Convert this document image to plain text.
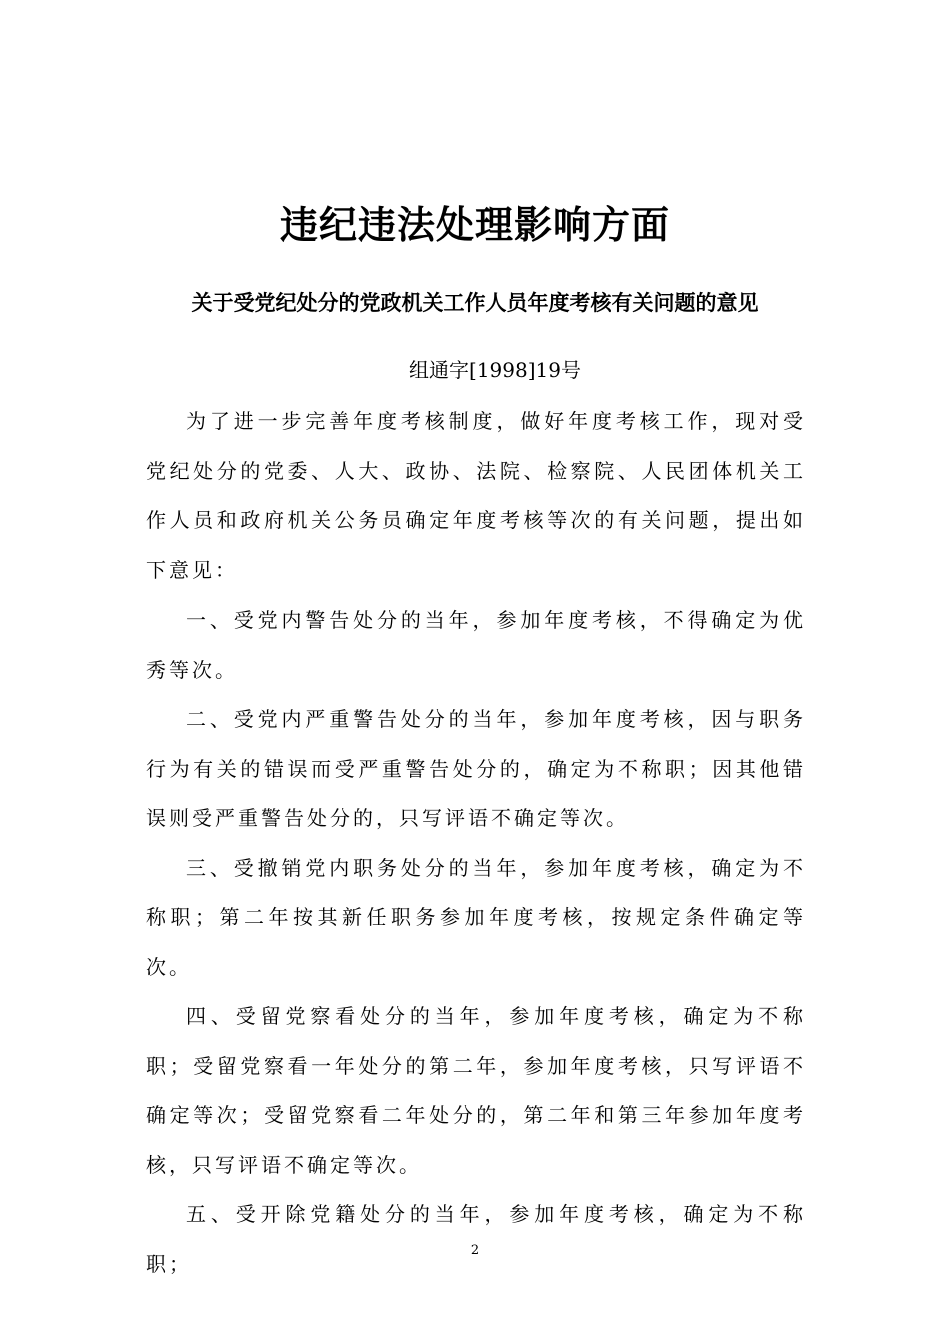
违纪违法处理影响方面
关于受党纪处分的党政机关工作人员年度考核有关问题的意见
组通字[1998]19号

为了进一步完善年度考核制度，做好年度考核工作，现对受党纪处分的党委、人大、政协、法院、检察院、人民团体机关工作人员和政府机关公务员确定年度考核等次的有关问题，提出如下意见：

一、受党内警告处分的当年，参加年度考核，不得确定为优秀等次。

二、受党内严重警告处分的当年，参加年度考核，因与职务行为有关的错误而受严重警告处分的，确定为不称职；因其他错误则受严重警告处分的，只写评语不确定等次。

三、受撤销党内职务处分的当年，参加年度考核，确定为不称职；第二年按其新任职务参加年度考核，按规定条件确定等次。

四、受留党察看处分的当年，参加年度考核，确定为不称职；受留党察看一年处分的第二年，参加年度考核，只写评语不确定等次；受留党察看二年处分的，第二年和第三年参加年度考核，只写评语不确定等次。

五、受开除党籍处分的当年，参加年度考核，确定为不称职；

2
